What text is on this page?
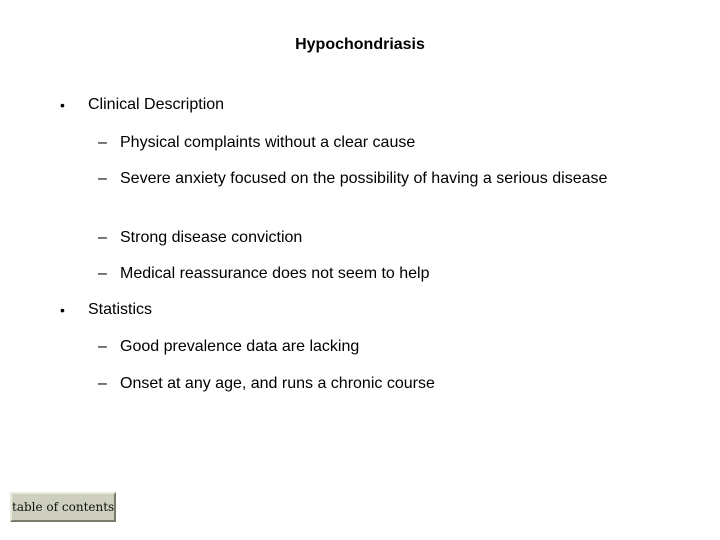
Hypochondriasis
• Clinical Description
– Physical complaints without a clear cause
– Severe anxiety focused on the possibility of having a serious disease
– Strong disease conviction
– Medical reassurance does not seem to help
• Statistics
– Good prevalence data are lacking
– Onset at any age, and runs a chronic course
table of contents
